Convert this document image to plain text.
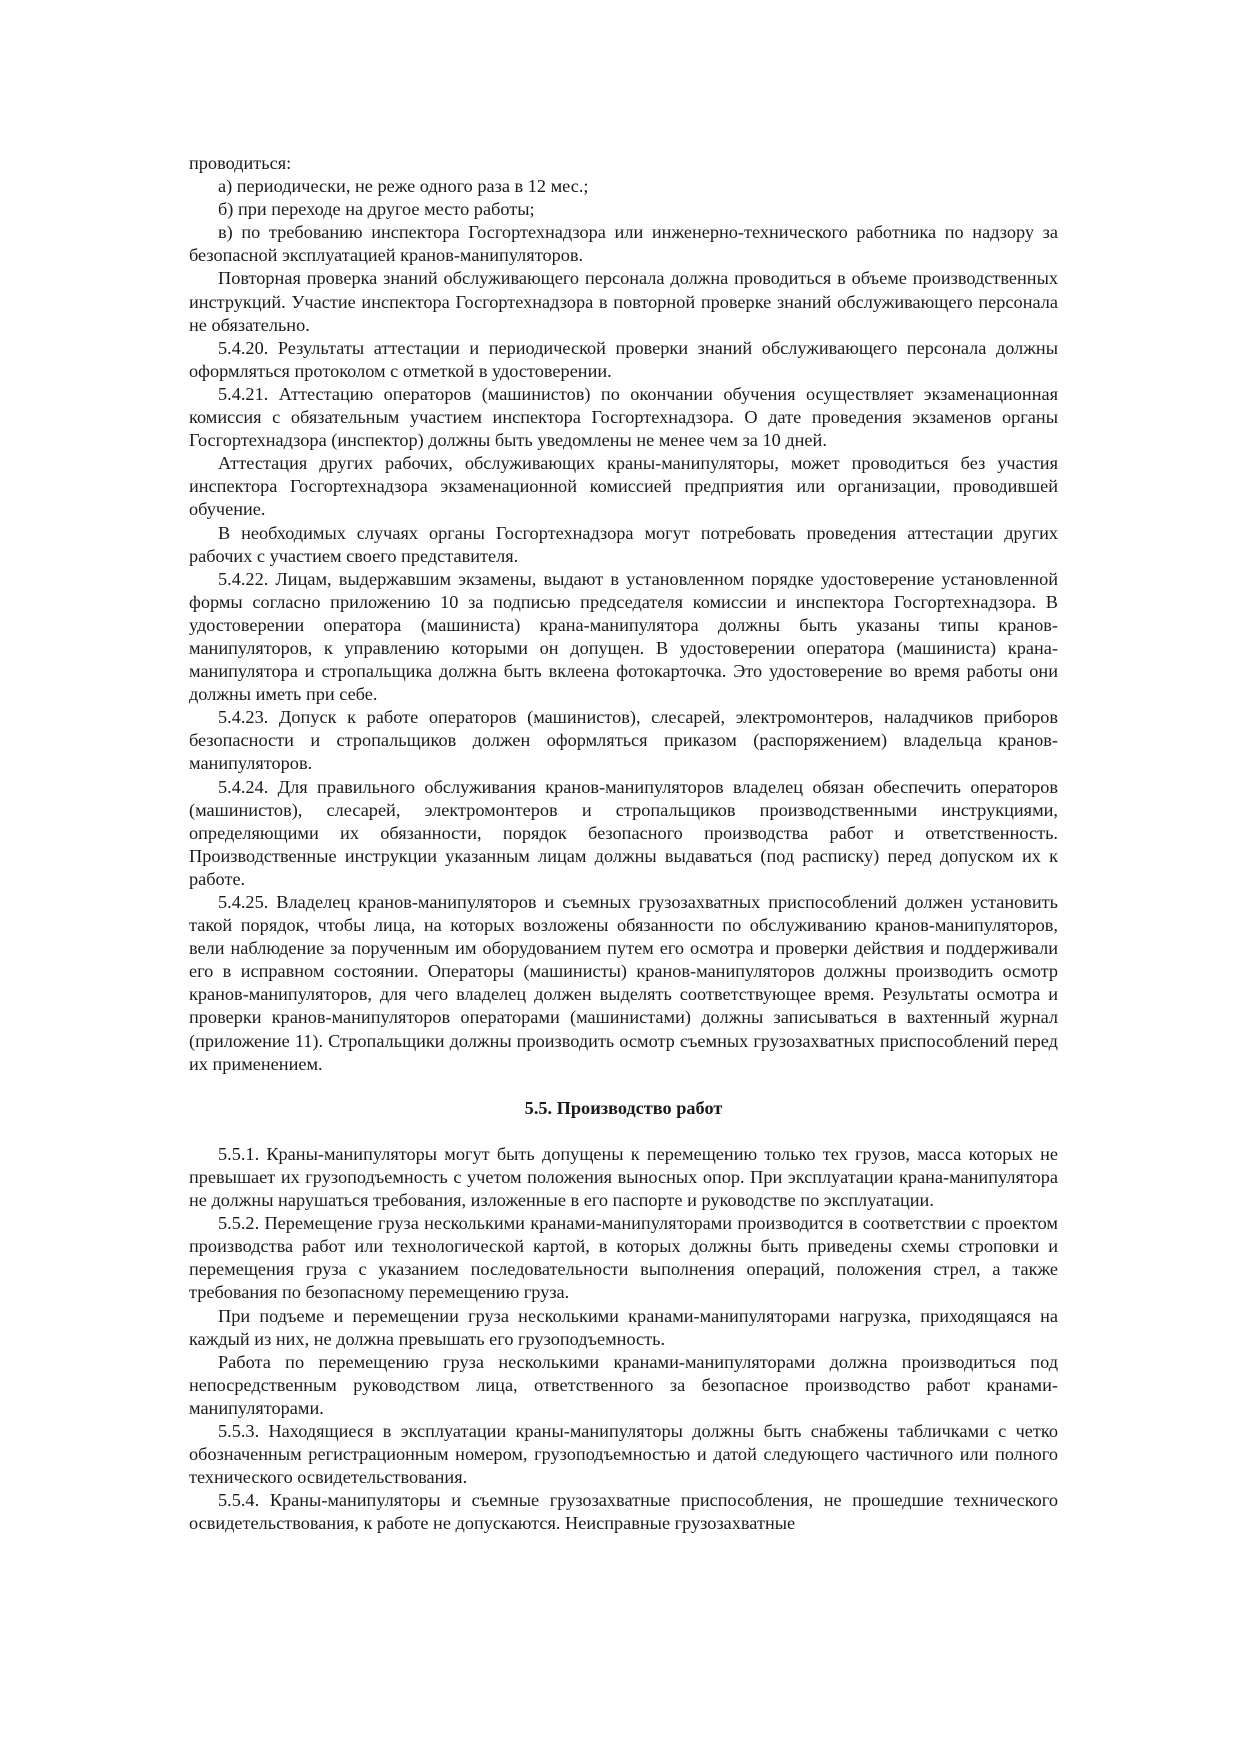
проводиться:

а) периодически, не реже одного раза в 12 мес.;

б) при переходе на другое место работы;

в) по требованию инспектора Госгортехнадзора или инженерно-технического работника по надзору за безопасной эксплуатацией кранов-манипуляторов.

Повторная проверка знаний обслуживающего персонала должна проводиться в объеме производственных инструкций. Участие инспектора Госгортехнадзора в повторной проверке знаний обслуживающего персонала не обязательно.

5.4.20. Результаты аттестации и периодической проверки знаний обслуживающего персонала должны оформляться протоколом с отметкой в удостоверении.

5.4.21. Аттестацию операторов (машинистов) по окончании обучения осуществляет экзаменационная комиссия с обязательным участием инспектора Госгортехнадзора. О дате проведения экзаменов органы Госгортехнадзора (инспектор) должны быть уведомлены не менее чем за 10 дней.

Аттестация других рабочих, обслуживающих краны-манипуляторы, может проводиться без участия инспектора Госгортехнадзора экзаменационной комиссией предприятия или организации, проводившей обучение.

В необходимых случаях органы Госгортехнадзора могут потребовать проведения аттестации других рабочих с участием своего представителя.

5.4.22. Лицам, выдержавшим экзамены, выдают в установленном порядке удостоверение установленной формы согласно приложению 10 за подписью председателя комиссии и инспектора Госгортехнадзора. В удостоверении оператора (машиниста) крана-манипулятора должны быть указаны типы кранов-манипуляторов, к управлению которыми он допущен. В удостоверении оператора (машиниста) крана-манипулятора и стропальщика должна быть вклеена фотокарточка. Это удостоверение во время работы они должны иметь при себе.

5.4.23. Допуск к работе операторов (машинистов), слесарей, электромонтеров, наладчиков приборов безопасности и стропальщиков должен оформляться приказом (распоряжением) владельца кранов-манипуляторов.

5.4.24. Для правильного обслуживания кранов-манипуляторов владелец обязан обеспечить операторов (машинистов), слесарей, электромонтеров и стропальщиков производственными инструкциями, определяющими их обязанности, порядок безопасного производства работ и ответственность. Производственные инструкции указанным лицам должны выдаваться (под расписку) перед допуском их к работе.

5.4.25. Владелец кранов-манипуляторов и съемных грузозахватных приспособлений должен установить такой порядок, чтобы лица, на которых возложены обязанности по обслуживанию кранов-манипуляторов, вели наблюдение за порученным им оборудованием путем его осмотра и проверки действия и поддерживали его в исправном состоянии. Операторы (машинисты) кранов-манипуляторов должны производить осмотр кранов-манипуляторов, для чего владелец должен выделять соответствующее время. Результаты осмотра и проверки кранов-манипуляторов операторами (машинистами) должны записываться в вахтенный журнал (приложение 11). Стропальщики должны производить осмотр съемных грузозахватных приспособлений перед их применением.

5.5. Производство работ

5.5.1. Краны-манипуляторы могут быть допущены к перемещению только тех грузов, масса которых не превышает их грузоподъемность с учетом положения выносных опор. При эксплуатации крана-манипулятора не должны нарушаться требования, изложенные в его паспорте и руководстве по эксплуатации.

5.5.2. Перемещение груза несколькими кранами-манипуляторами производится в соответствии с проектом производства работ или технологической картой, в которых должны быть приведены схемы строповки и перемещения груза с указанием последовательности выполнения операций, положения стрел, а также требования по безопасному перемещению груза.

При подъеме и перемещении груза несколькими кранами-манипуляторами нагрузка, приходящаяся на каждый из них, не должна превышать его грузоподъемность.

Работа по перемещению груза несколькими кранами-манипуляторами должна производиться под непосредственным руководством лица, ответственного за безопасное производство работ кранами-манипуляторами.

5.5.3. Находящиеся в эксплуатации краны-манипуляторы должны быть снабжены табличками с четко обозначенным регистрационным номером, грузоподъемностью и датой следующего частичного или полного технического освидетельствования.

5.5.4. Краны-манипуляторы и съемные грузозахватные приспособления, не прошедшие технического освидетельствования, к работе не допускаются. Неисправные грузозахватные
